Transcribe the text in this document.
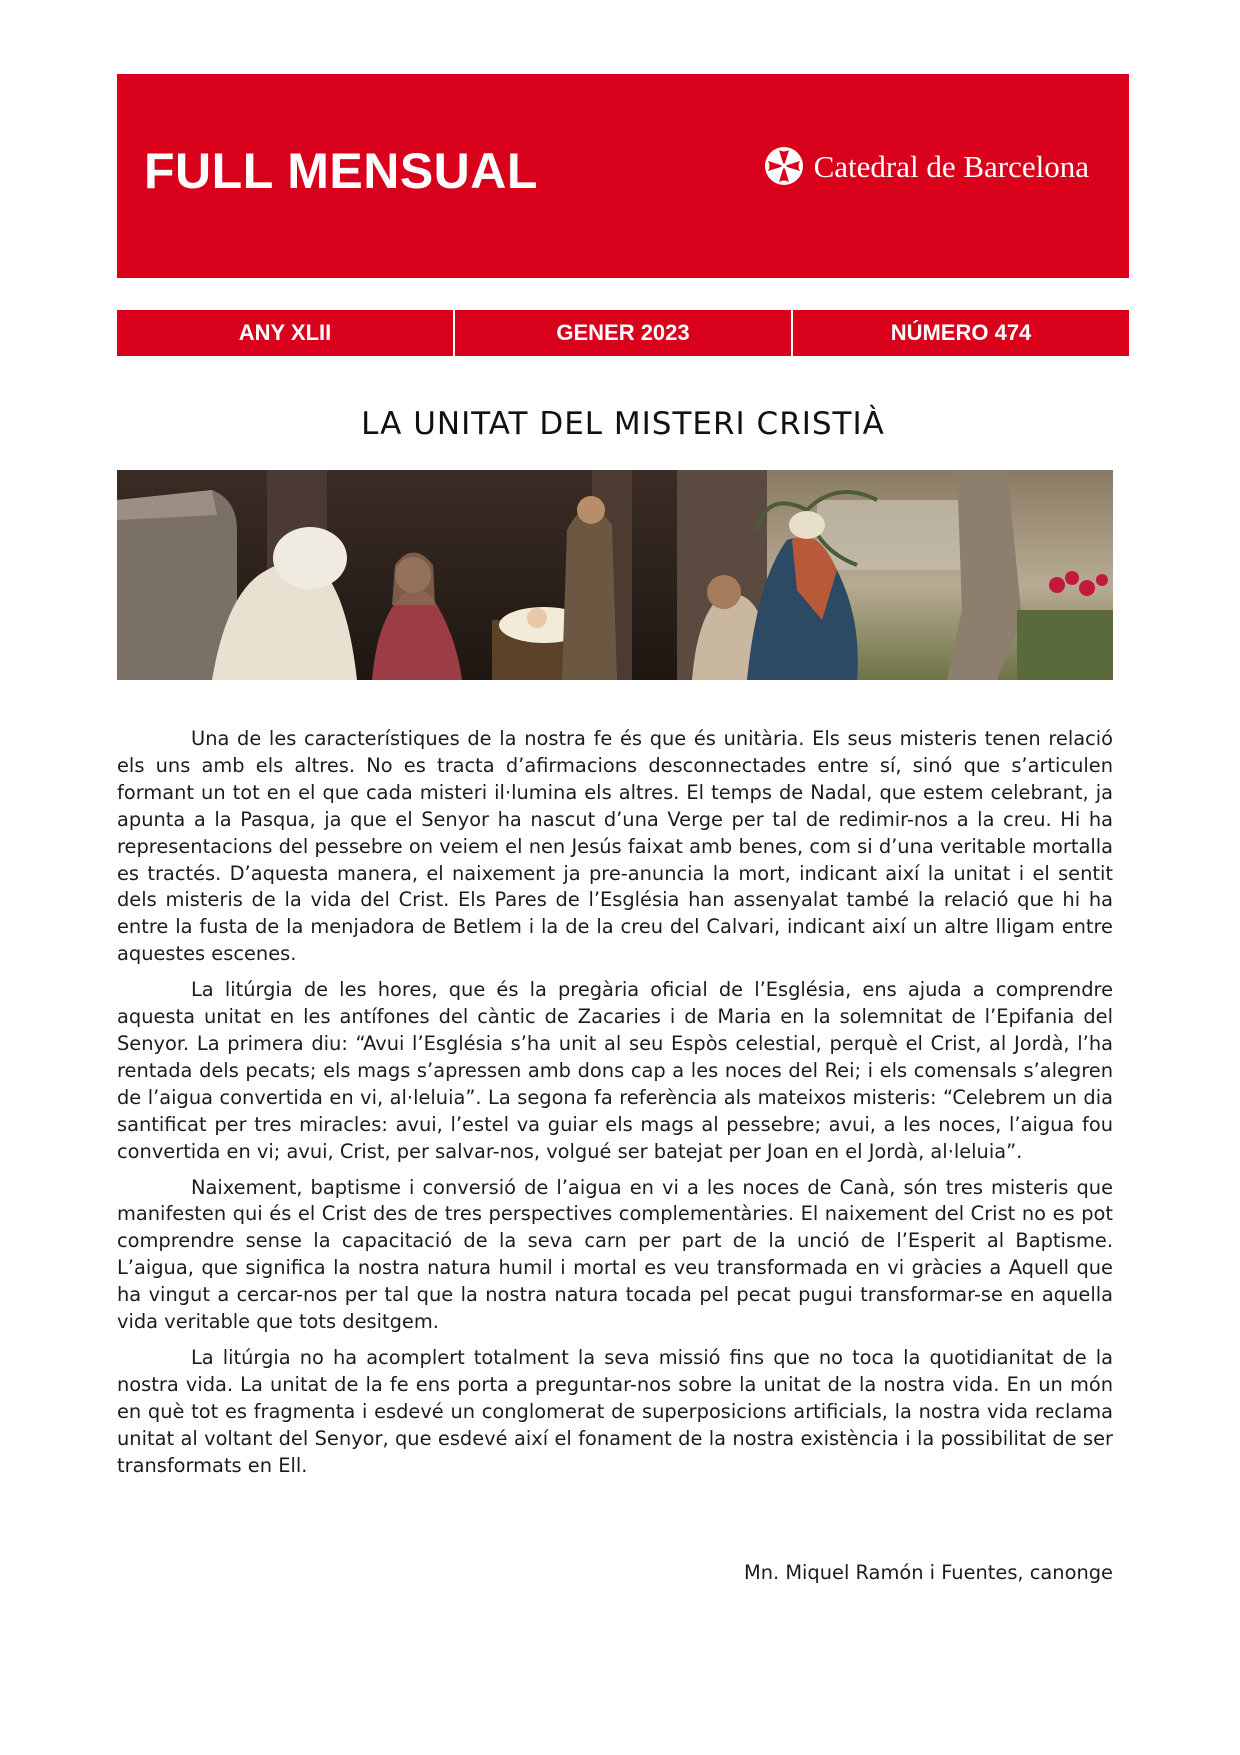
FULL MENSUAL	Catedral de Barcelona
ANY XLII	GENER 2023	NÚMERO 474
LA UNITAT DEL MISTERI CRISTIÀ

Una de les característiques de la nostra fe és que és unitària. Els seus misteris tenen relació els uns amb els altres. No es tracta d’afirmacions desconnectades entre sí, sinó que s’articulen formant un tot en el que cada misteri il·lumina els altres. El temps de Nadal, que estem celebrant, ja apunta a la Pasqua, ja que el Senyor ha nascut d’una Verge per tal de redimir-nos a la creu. Hi ha representacions del pessebre on veiem el nen Jesús faixat amb benes, com si d’una veritable mortalla es tractés. D’aquesta manera, el naixement ja pre-anuncia la mort, indicant així la unitat i el sentit dels misteris de la vida del Crist. Els Pares de l’Església han assenyalat també la relació que hi ha entre la fusta de la menjadora de Betlem i la de la creu del Calvari, indicant així un altre lligam entre aquestes escenes.

La litúrgia de les hores, que és la pregària oficial de l’Església, ens ajuda a comprendre aquesta unitat en les antífones del càntic de Zacaries i de Maria en la solemnitat de l’Epifania del Senyor. La primera diu: “Avui l’Església s’ha unit al seu Espòs celestial, perquè el Crist, al Jordà, l’ha rentada dels pecats; els mags s’apressen amb dons cap a les noces del Rei; i els comensals s’alegren de l’aigua convertida en vi, al·leluia”. La segona fa referència als mateixos misteris: “Celebrem un dia santificat per tres miracles: avui, l’estel va guiar els mags al pessebre; avui, a les noces, l’aigua fou convertida en vi; avui, Crist, per salvar-nos, volgué ser batejat per Joan en el Jordà, al·leluia”.

Naixement, baptisme i conversió de l’aigua en vi a les noces de Canà, són tres misteris que manifesten qui és el Crist des de tres perspectives complementàries. El naixement del Crist no es pot comprendre sense la capacitació de la seva carn per part de la unció de l’Esperit al Baptisme. L’aigua, que significa la nostra natura humil i mortal es veu transformada en vi gràcies a Aquell que ha vingut a cercar-nos per tal que la nostra natura tocada pel pecat pugui transformar-se en aquella vida veritable que tots desitgem.

La litúrgia no ha acomplert totalment la seva missió fins que no toca la quotidianitat de la nostra vida. La unitat de la fe ens porta a preguntar-nos sobre la unitat de la nostra vida. En un món en què tot es fragmenta i esdevé un conglomerat de superposicions artificials, la nostra vida reclama unitat al voltant del Senyor, que esdevé així el fonament de la nostra existència i la possibilitat de ser transformats en Ell.

Mn. Miquel Ramón i Fuentes, canonge
